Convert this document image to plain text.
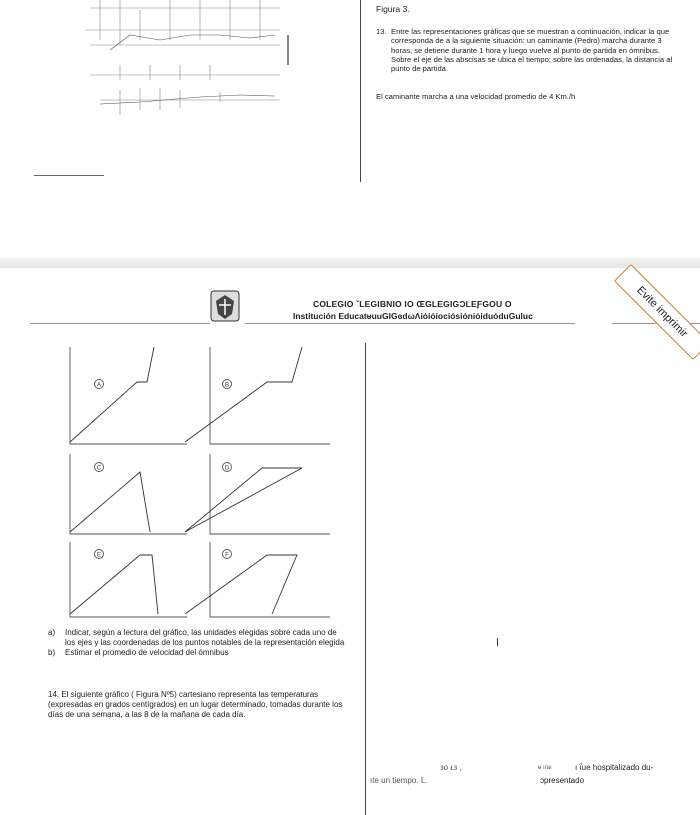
Figura 3.
13. Entre las representaciones gráficas que se muestran a continuación, indicar la que corresponda de a la siguiente situación: un caminante (Pedro) marcha durante 3 horas, se detiene durante 1 hora y luego vuelve al punto de partida en ómnibus. Sobre el eje de las abscisas se ubica el tiempo; sobre las ordenadas, la distancia al punto de partida.
El caminante marcha a una velocidad promedio de 4 Km./h
COLEGIO ˇLEGIBNIO IO ŒGLEGIGƆLEƑGOU O
Institución EducatᵾuuGIGɞdωΛiόiόiociόsiόniόiduόduGuluc	Evite imprimir
A	B
C	D
E	F
a)	Indicar, según a lectura del gráfico, las unidades elegidas sobre cada uno de los ejes y las coordenadas de los puntos notables de la representación elegida
b)	Estimar el promedio de velocidad del ómnibus
14. El siguiente gráfico ( Figura Nº5) cartesiano representa las temperaturas (expresadas en grados centígrados) en un lugar determinado, tomadas durante los días de una semana, a las 8 de la mañana de cada día.
ᴈo ᴌᴈ ,	ᵾ ıraı	ı ḯue hospitalizado du-
ıte un tiempo. ᒪ.	ᴐpresentado
